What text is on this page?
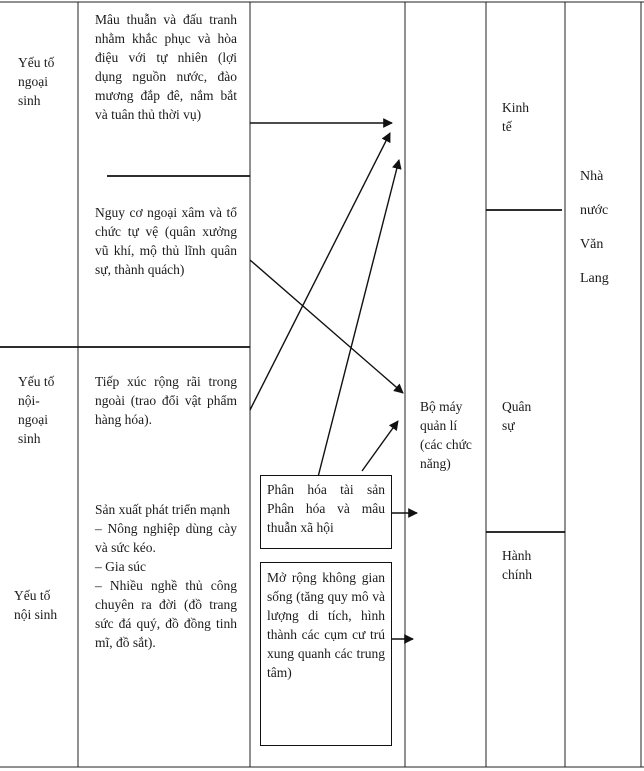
Yếu tố ngoại sinh
Yếu tố nội-ngoại sinh
Yếu tố nội sinh
Mâu thuẫn và đấu tranh nhằm khắc phục và hòa điệu với tự nhiên (lợi dụng nguồn nước, đào mương đắp đê, nắm bắt và tuân thủ thời vụ)
Nguy cơ ngoại xâm và tổ chức tự vệ (quân xưởng vũ khí, mộ thủ lĩnh quân sự, thành quách)
Tiếp xúc rộng rãi trong ngoài (trao đổi vật phẩm hàng hóa).
Sản xuất phát triển mạnh
– Nông nghiệp dùng cày và sức kéo.
– Gia súc
– Nhiều nghề thủ công chuyên ra đời (đồ trang sức đá quý, đồ đồng tinh mĩ, đồ sắt).
Phân hóa tài sản Phân hóa và mâu thuẫn xã hội
Mở rộng không gian sống (tăng quy mô và lượng di tích, hình thành các cụm cư trú xung quanh các trung tâm)
Bộ máy quản lí (các chức năng)
Kinh tế
Quân sự
Hành chính
Nhà nước Văn Lang
